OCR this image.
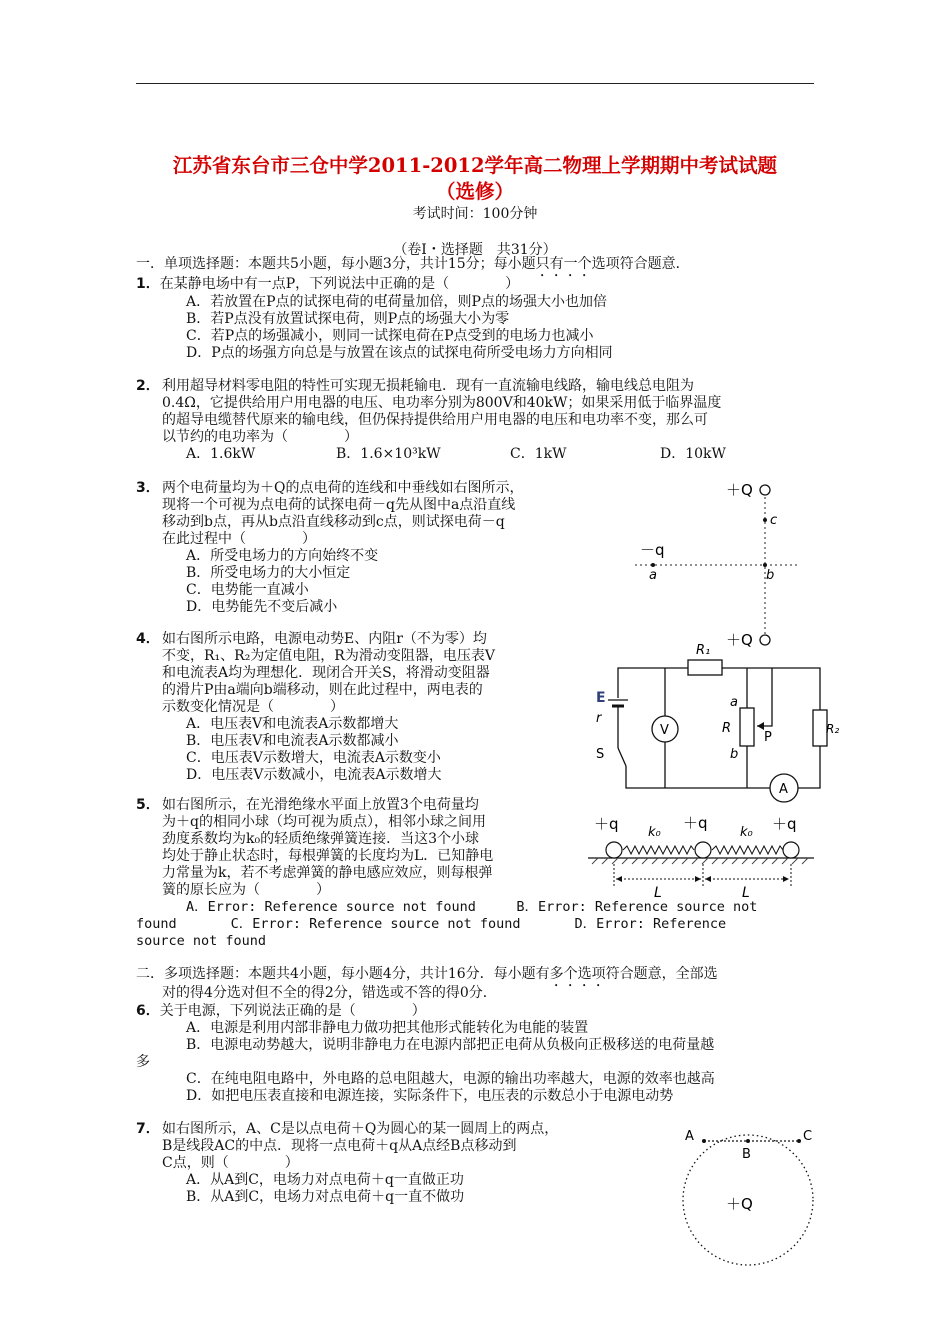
江苏省东台市三仓中学2011-2012学年高二物理上学期期中考试试题
（选修）
考试时间：100分钟
（卷Ⅰ・选择题　共31分）
一．单项选择题：本题共5小题，每小题3分，共计15分；每小题只有一个选项符合题意．
1．在某静电场中有一点P，下列说法中正确的是（　　　　）
A．若放置在P点的试探电荷的电荷量加倍，则P点的场强大小也加倍
B．若P点没有放置试探电荷，则P点的场强大小为零
C．若P点的场强减小，则同一试探电荷在P点受到的电场力也减小
D．P点的场强方向总是与放置在该点的试探电荷所受电场力方向相同
2． 利用超导材料零电阻的特性可实现无损耗输电．现有一直流输电线路，输电线总电阻为
0.4Ω，它提供给用户用电器的电压、电功率分别为800V和40kW；如果采用低于临界温度
的超导电缆替代原来的输电线，但仍保持提供给用户用电器的电压和电功率不变，那么可
以节约的电功率为（　　　　）
A．1.6kW	B．1.6×10³kW	C．1kW	D．10kW
3． 两个电荷量均为＋Q的点电荷的连线和中垂线如右图所示，
现将一个可视为点电荷的试探电荷－q先从图中a点沿直线
移动到b点，再从b点沿直线移动到c点，则试探电荷－q
在此过程中（　　　　）
A．所受电场力的方向始终不变
B．所受电场力的大小恒定
C．电势能一直减小
D．电势能先不变后减小
＋Q
＋Q
c
－q
a	b
4． 如右图所示电路，电源电动势E、内阻r（不为零）均
不变，R₁、R₂为定值电阻，R为滑动变阻器，电压表V
和电流表A均为理想化．现闭合开关S，将滑动变阻器
的滑片P由a端向b端移动，则在此过程中，两电表的
示数变化情况是（　　　　）
A．电压表V和电流表A示数都增大
B．电压表V和电流表A示数都减小
C．电压表V示数增大，电流表A示数变小
D．电压表V示数减小，电流表A示数增大
E
r
S
R₁
R₂
R
P
a
b
V
A
5． 如右图所示，在光滑绝缘水平面上放置3个电荷量均
为＋q的相同小球（均可视为质点），相邻小球之间用
劲度系数均为k₀的轻质绝缘弹簧连接．当这3个小球
均处于静止状态时，每根弹簧的长度均为L．已知静电
力常量为k，若不考虑弹簧的静电感应效应，则每根弹
簧的原长应为（　　　　）
A．Error: Reference source not found　　　B．Error: Reference source not
found　　　　C．Error: Reference source not found　　　　D．Error: Reference
source not found
＋q	＋q	＋q
k₀	k₀
L	L
二．多项选择题：本题共4小题，每小题4分，共计16分．每小题有多个选项符合题意，全部选
对的得4分选对但不全的得2分，错选或不答的得0分．
6．关于电源，下列说法正确的是（　　　　）
A．电源是利用内部非静电力做功把其他形式能转化为电能的装置
B．电源电动势越大，说明非静电力在电源内部把正电荷从负极向正极移送的电荷量越
多
C．在纯电阻电路中，外电路的总电阻越大，电源的输出功率越大，电源的效率也越高
D．如把电压表直接和电源连接，实际条件下，电压表的示数总小于电源电动势
7． 如右图所示，A、C是以点电荷＋Q为圆心的某一圆周上的两点，
B是线段AC的中点．现将一点电荷＋q从A点经B点移动到
C点，则（　　　　）
A．从A到C，电场力对点电荷＋q一直做正功
B．从A到C，电场力对点电荷＋q一直不做功
A	C
B
＋Q
